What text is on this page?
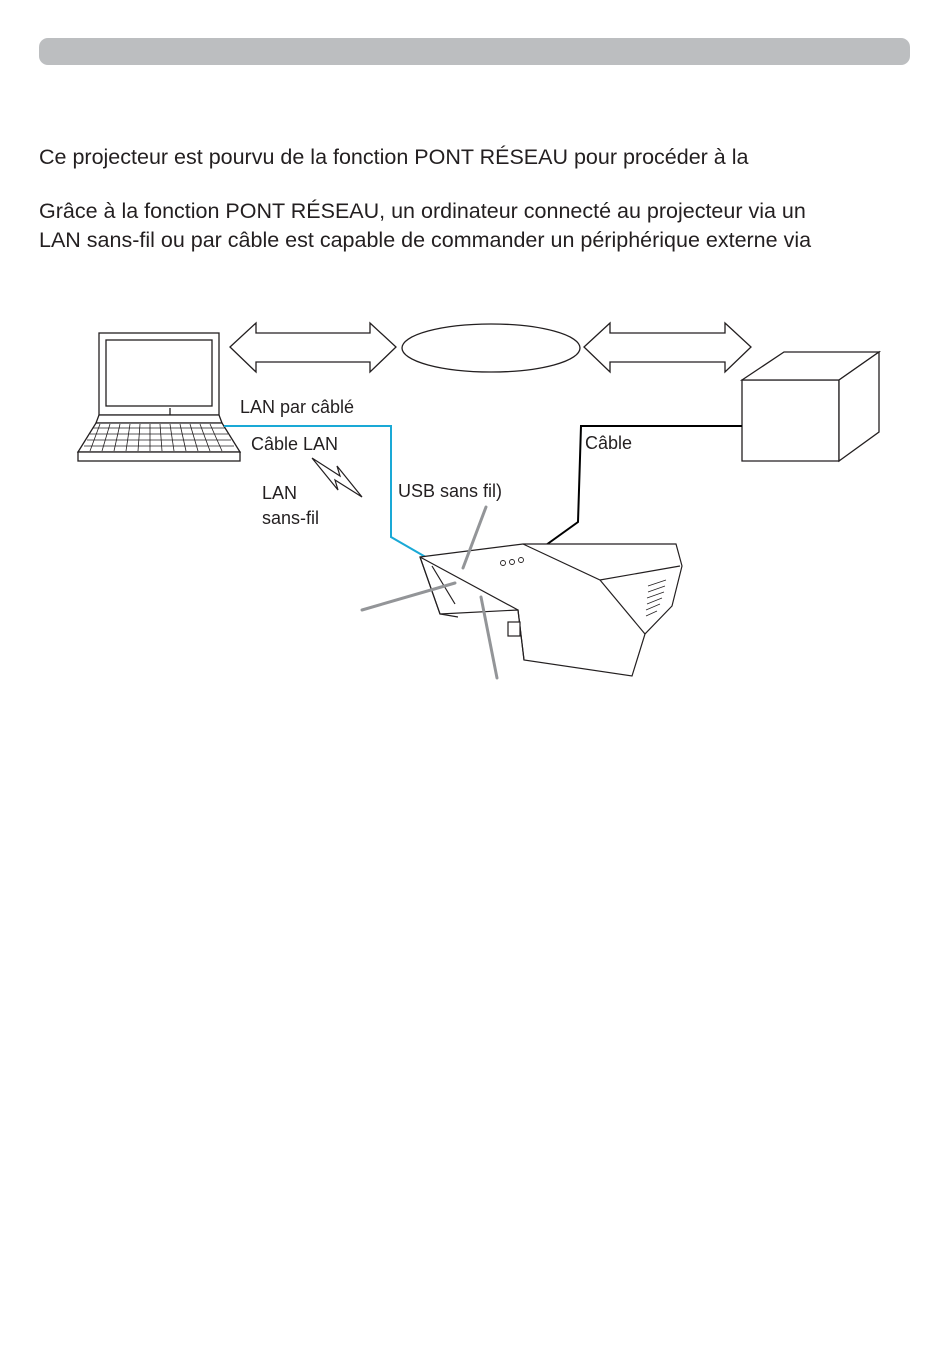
Ce projecteur est pourvu de la fonction PONT RÉSEAU pour procéder à la

Grâce à la fonction PONT RÉSEAU, un ordinateur connecté au projecteur via un
LAN sans-fil ou par câble est capable de commander un périphérique externe via

LAN par câblé
Câble LAN
LAN
sans-fil
USB sans fil)
Câble
